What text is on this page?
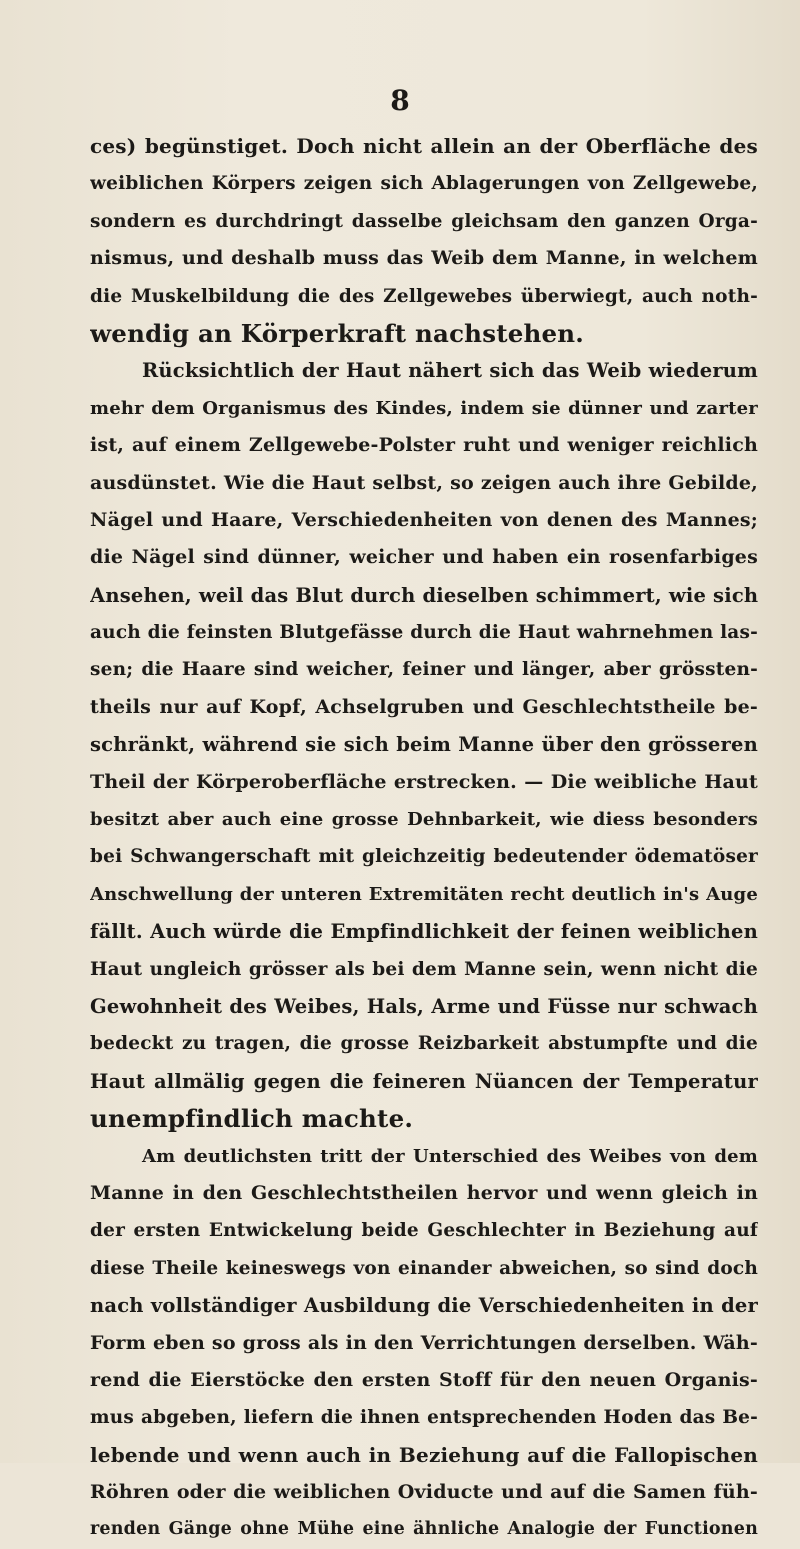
8
ces) begünstiget. Doch nicht allein an der Oberfläche des
weiblichen Körpers zeigen sich Ablagerungen von Zellgewebe,
sondern es durchdringt dasselbe gleichsam den ganzen Orga-
nismus, und deshalb muss das Weib dem Manne, in welchem
die Muskelbildung die des Zellgewebes überwiegt, auch noth-
wendig an Körperkraft nachstehen.
Rücksichtlich der Haut nähert sich das Weib wiederum
mehr dem Organismus des Kindes, indem sie dünner und zarter
ist, auf einem Zellgewebe-Polster ruht und weniger reichlich
ausdünstet. Wie die Haut selbst, so zeigen auch ihre Gebilde,
Nägel und Haare, Verschiedenheiten von denen des Mannes;
die Nägel sind dünner, weicher und haben ein rosenfarbiges
Ansehen, weil das Blut durch dieselben schimmert, wie sich
auch die feinsten Blutgefässe durch die Haut wahrnehmen las-
sen; die Haare sind weicher, feiner und länger, aber grössten-
theils nur auf Kopf, Achselgruben und Geschlechtstheile be-
schränkt, während sie sich beim Manne über den grösseren
Theil der Körperoberfläche erstrecken. — Die weibliche Haut
besitzt aber auch eine grosse Dehnbarkeit, wie diess besonders
bei Schwangerschaft mit gleichzeitig bedeutender ödematöser
Anschwellung der unteren Extremitäten recht deutlich in's Auge
fällt. Auch würde die Empfindlichkeit der feinen weiblichen
Haut ungleich grösser als bei dem Manne sein, wenn nicht die
Gewohnheit des Weibes, Hals, Arme und Füsse nur schwach
bedeckt zu tragen, die grosse Reizbarkeit abstumpfte und die
Haut allmälig gegen die feineren Nüancen der Temperatur
unempfindlich machte.
Am deutlichsten tritt der Unterschied des Weibes von dem
Manne in den Geschlechtstheilen hervor und wenn gleich in
der ersten Entwickelung beide Geschlechter in Beziehung auf
diese Theile keineswegs von einander abweichen, so sind doch
nach vollständiger Ausbildung die Verschiedenheiten in der
Form eben so gross als in den Verrichtungen derselben. Wäh-
rend die Eierstöcke den ersten Stoff für den neuen Organis-
mus abgeben, liefern die ihnen entsprechenden Hoden das Be-
lebende und wenn auch in Beziehung auf die Fallopischen
Röhren oder die weiblichen Oviducte und auf die Samen füh-
renden Gänge ohne Mühe eine ähnliche Analogie der Functionen
